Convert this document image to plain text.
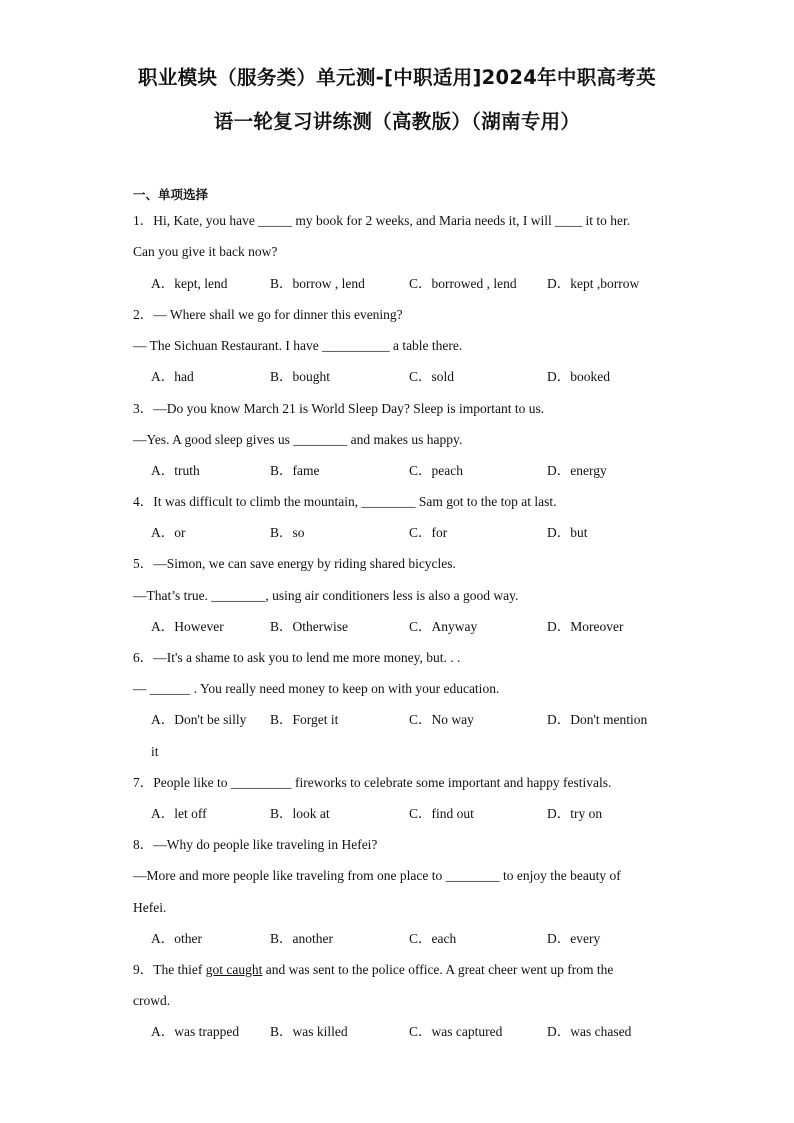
职业模块（服务类）单元测-[中职适用]2024年中职高考英
语一轮复习讲练测（高教版）（湖南专用）
一、单项选择
1．Hi, Kate, you have _____ my book for 2 weeks, and Maria needs it, I will ____ it to her.
Can you give it back now?
A．kept, lend	B．borrow , lend	C．borrowed , lend D．kept ,borrow
2．— Where shall we go for dinner this evening?
— The Sichuan Restaurant. I have __________ a table there.
A．had	B．bought	C．sold	D．booked
3．—Do you know March 21 is World Sleep Day? Sleep is important to us.
—Yes. A good sleep gives us ________ and makes us happy.
A．truth	B．fame	C．peach	D．energy
4．It was difficult to climb the mountain, ________ Sam got to the top at last.
A．or	B．so	C．for	D．but
5．—Simon, we can save energy by riding shared bicycles.
—That’s true. ________, using air conditioners less is also a good way.
A．However	B．Otherwise	C．Anyway	D．Moreover
6．—It's a shame to ask you to lend me more money, but. . .
— ______ . You really need money to keep on with your education.
A．Don't be silly B．Forget it	C．No way	D．Don't mention
it
7．People like to _________ fireworks to celebrate some important and happy festivals.
A．let off	B．look at	C．find out	D．try on
8．—Why do people like traveling in Hefei?
—More and more people like traveling from one place to ________ to enjoy the beauty of
Hefei.
A．other	B．another	C．each	D．every
9．The thief got caught and was sent to the police office. A great cheer went up from the
crowd.
A．was trapped B．was killed	C．was captured	D．was chased
